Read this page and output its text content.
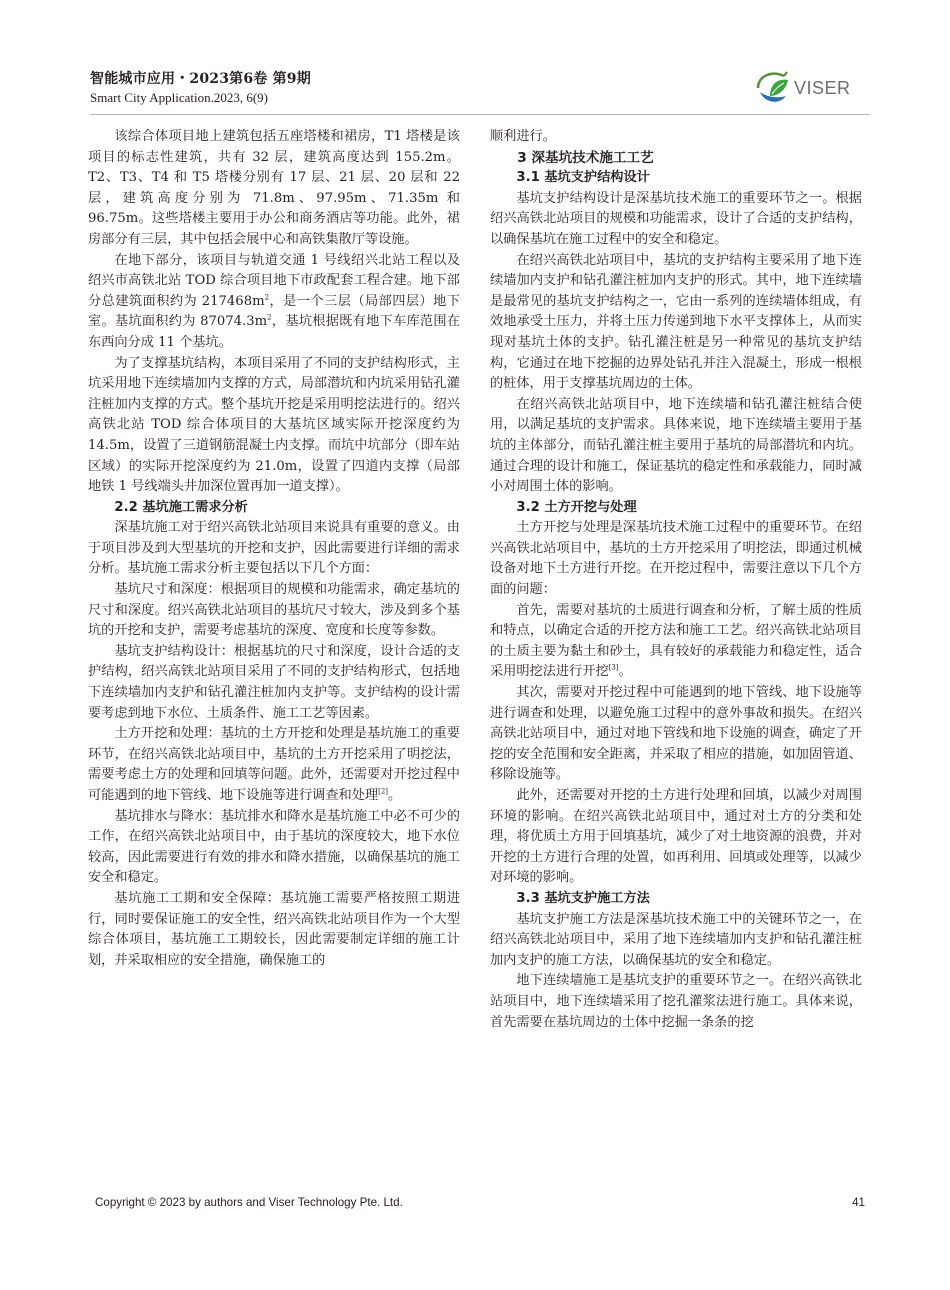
智能城市应用・2023第6卷 第9期
Smart City Application.2023, 6(9)	VISER

该综合体项目地上建筑包括五座塔楼和裙房，T1 塔楼是该项目的标志性建筑，共有 32 层，建筑高度达到 155.2m。T2、T3、T4 和 T5 塔楼分别有 17 层、21 层、20 层和 22 层，建筑高度分别为 71.8m、97.95m、71.35m 和 96.75m。这些塔楼主要用于办公和商务酒店等功能。此外，裙房部分有三层，其中包括会展中心和高铁集散厅等设施。

在地下部分，该项目与轨道交通 1 号线绍兴北站工程以及绍兴市高铁北站 TOD 综合项目地下市政配套工程合建。地下部分总建筑面积约为 $217468m^2$，是一个三层（局部四层）地下室。基坑面积约为 $87074.3m^2$，基坑根据既有地下车库范围在东西向分成 11 个基坑。

为了支撑基坑结构，本项目采用了不同的支护结构形式，主坑采用地下连续墙加内支撑的方式，局部潜坑和内坑采用钻孔灌注桩加内支撑的方式。整个基坑开挖是采用明挖法进行的。绍兴高铁北站 TOD 综合体项目的大基坑区域实际开挖深度约为 14.5m，设置了三道钢筋混凝土内支撑。而坑中坑部分（即车站区域）的实际开挖深度约为 21.0m，设置了四道内支撑（局部地铁 1 号线端头井加深位置再加一道支撑）。

2.2 基坑施工需求分析

深基坑施工对于绍兴高铁北站项目来说具有重要的意义。由于项目涉及到大型基坑的开挖和支护，因此需要进行详细的需求分析。基坑施工需求分析主要包括以下几个方面：

基坑尺寸和深度：根据项目的规模和功能需求，确定基坑的尺寸和深度。绍兴高铁北站项目的基坑尺寸较大，涉及到多个基坑的开挖和支护，需要考虑基坑的深度、宽度和长度等参数。

基坑支护结构设计：根据基坑的尺寸和深度，设计合适的支护结构，绍兴高铁北站项目采用了不同的支护结构形式，包括地下连续墙加内支护和钻孔灌注桩加内支护等。支护结构的设计需要考虑到地下水位、土质条件、施工工艺等因素。

土方开挖和处理：基坑的土方开挖和处理是基坑施工的重要环节，在绍兴高铁北站项目中，基坑的土方开挖采用了明挖法，需要考虑土方的处理和回填等问题。此外，还需要对开挖过程中可能遇到的地下管线、地下设施等进行调查和处理[2]。

基坑排水与降水：基坑排水和降水是基坑施工中必不可少的工作，在绍兴高铁北站项目中，由于基坑的深度较大，地下水位较高，因此需要进行有效的排水和降水措施，以确保基坑的施工安全和稳定。

基坑施工工期和安全保障：基坑施工需要严格按照工期进行，同时要保证施工的安全性，绍兴高铁北站项目作为一个大型综合体项目，基坑施工工期较长，因此需要制定详细的施工计划，并采取相应的安全措施，确保施工的

顺利进行。

3 深基坑技术施工工艺
3.1 基坑支护结构设计

基坑支护结构设计是深基坑技术施工的重要环节之一。根据绍兴高铁北站项目的规模和功能需求，设计了合适的支护结构，以确保基坑在施工过程中的安全和稳定。

在绍兴高铁北站项目中，基坑的支护结构主要采用了地下连续墙加内支护和钻孔灌注桩加内支护的形式。其中，地下连续墙是最常见的基坑支护结构之一，它由一系列的连续墙体组成，有效地承受土压力，并将土压力传递到地下水平支撑体上，从而实现对基坑土体的支护。钻孔灌注桩是另一种常见的基坑支护结构，它通过在地下挖掘的边界处钻孔并注入混凝土，形成一根根的桩体，用于支撑基坑周边的土体。

在绍兴高铁北站项目中，地下连续墙和钻孔灌注桩结合使用，以满足基坑的支护需求。具体来说，地下连续墙主要用于基坑的主体部分，而钻孔灌注桩主要用于基坑的局部潜坑和内坑。通过合理的设计和施工，保证基坑的稳定性和承载能力，同时减小对周围土体的影响。

3.2 土方开挖与处理

土方开挖与处理是深基坑技术施工过程中的重要环节。在绍兴高铁北站项目中，基坑的土方开挖采用了明挖法，即通过机械设备对地下土方进行开挖。在开挖过程中，需要注意以下几个方面的问题：

首先，需要对基坑的土质进行调查和分析，了解土质的性质和特点，以确定合适的开挖方法和施工工艺。绍兴高铁北站项目的土质主要为黏土和砂土，具有较好的承载能力和稳定性，适合采用明挖法进行开挖[3]。

其次，需要对开挖过程中可能遇到的地下管线、地下设施等进行调查和处理，以避免施工过程中的意外事故和损失。在绍兴高铁北站项目中，通过对地下管线和地下设施的调查，确定了开挖的安全范围和安全距离，并采取了相应的措施，如加固管道、移除设施等。

此外，还需要对开挖的土方进行处理和回填，以减少对周围环境的影响。在绍兴高铁北站项目中，通过对土方的分类和处理，将优质土方用于回填基坑，减少了对土地资源的浪费，并对开挖的土方进行合理的处置，如再利用、回填或处理等，以减少对环境的影响。

3.3 基坑支护施工方法

基坑支护施工方法是深基坑技术施工中的关键环节之一，在绍兴高铁北站项目中，采用了地下连续墙加内支护和钻孔灌注桩加内支护的施工方法，以确保基坑的安全和稳定。

地下连续墙施工是基坑支护的重要环节之一。在绍兴高铁北站项目中，地下连续墙采用了挖孔灌浆法进行施工。具体来说，首先需要在基坑周边的土体中挖掘一条条的挖

Copyright © 2023 by authors and Viser Technology Pte. Ltd.	41
